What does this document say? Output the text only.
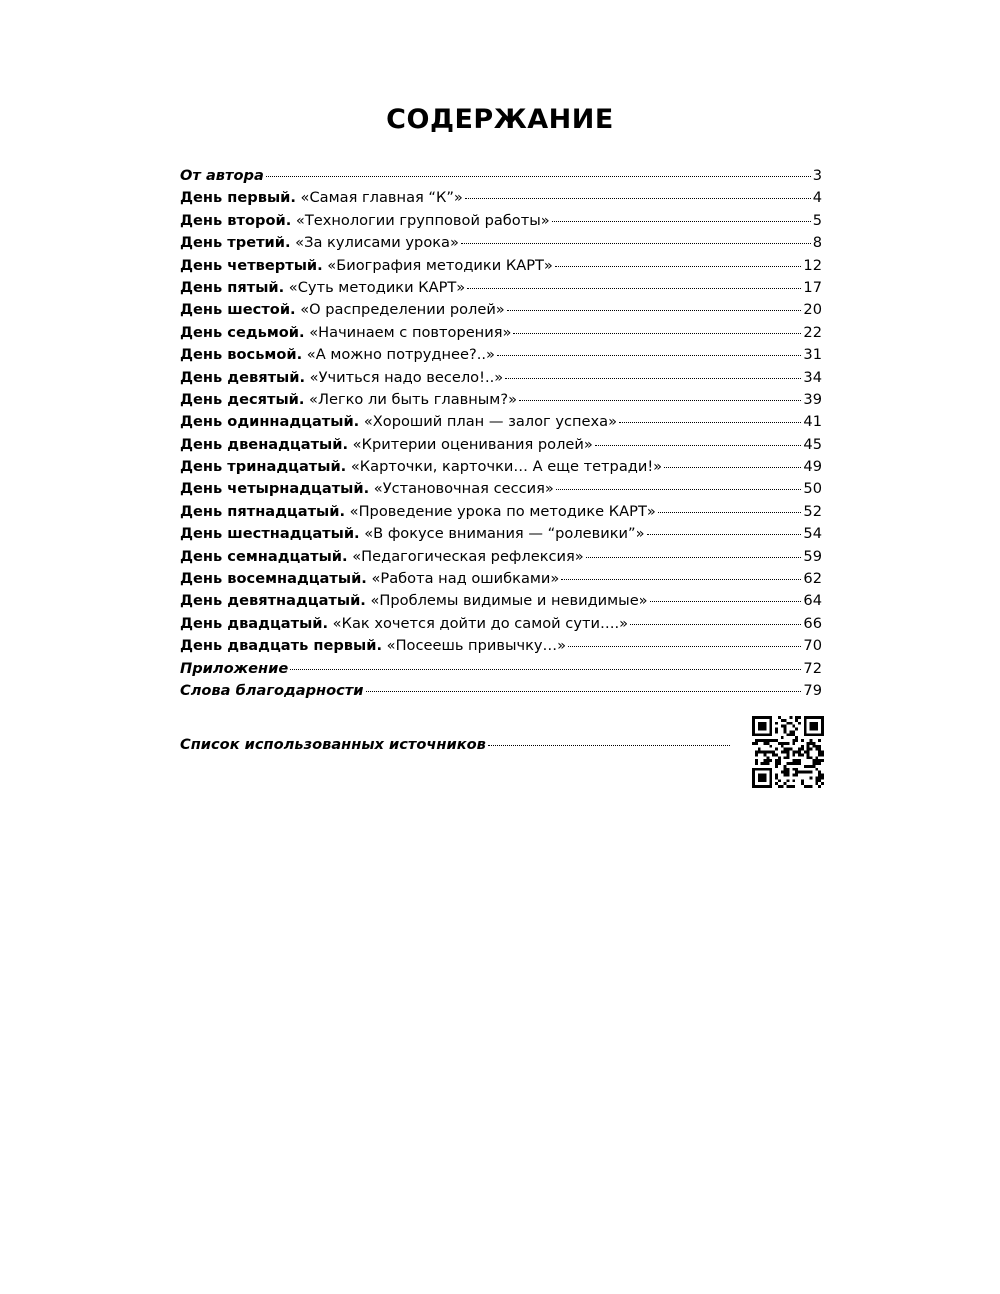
СОДЕРЖАНИЕ
От автора	3
День первый. «Самая главная “К”»	4
День второй. «Технологии групповой работы»	5
День третий. «За кулисами урока»	8
День четвертый. «Биография методики КАРТ»	12
День пятый. «Суть методики КАРТ»	17
День шестой. «О распределении ролей»	20
День седьмой. «Начинаем с повторения»	22
День восьмой. «А можно потруднее?..»	31
День девятый. «Учиться надо весело!..»	34
День десятый. «Легко ли быть главным?»	39
День одиннадцатый. «Хороший план — залог успеха»	41
День двенадцатый. «Критерии оценивания ролей»	45
День тринадцатый. «Карточки, карточки… А еще тетради!»	49
День четырнадцатый. «Установочная сессия»	50
День пятнадцатый. «Проведение урока по методике КАРТ»	52
День шестнадцатый. «В фокусе внимания — “ролевики”»	54
День семнадцатый. «Педагогическая рефлексия»	59
День восемнадцатый. «Работа над ошибками»	62
День девятнадцатый. «Проблемы видимые и невидимые»	64
День двадцатый. «Как хочется дойти до самой сути….»	66
День двадцать первый. «Посеешь привычку…»	70
Приложение	72
Слова благодарности	79
Список использованных источников
